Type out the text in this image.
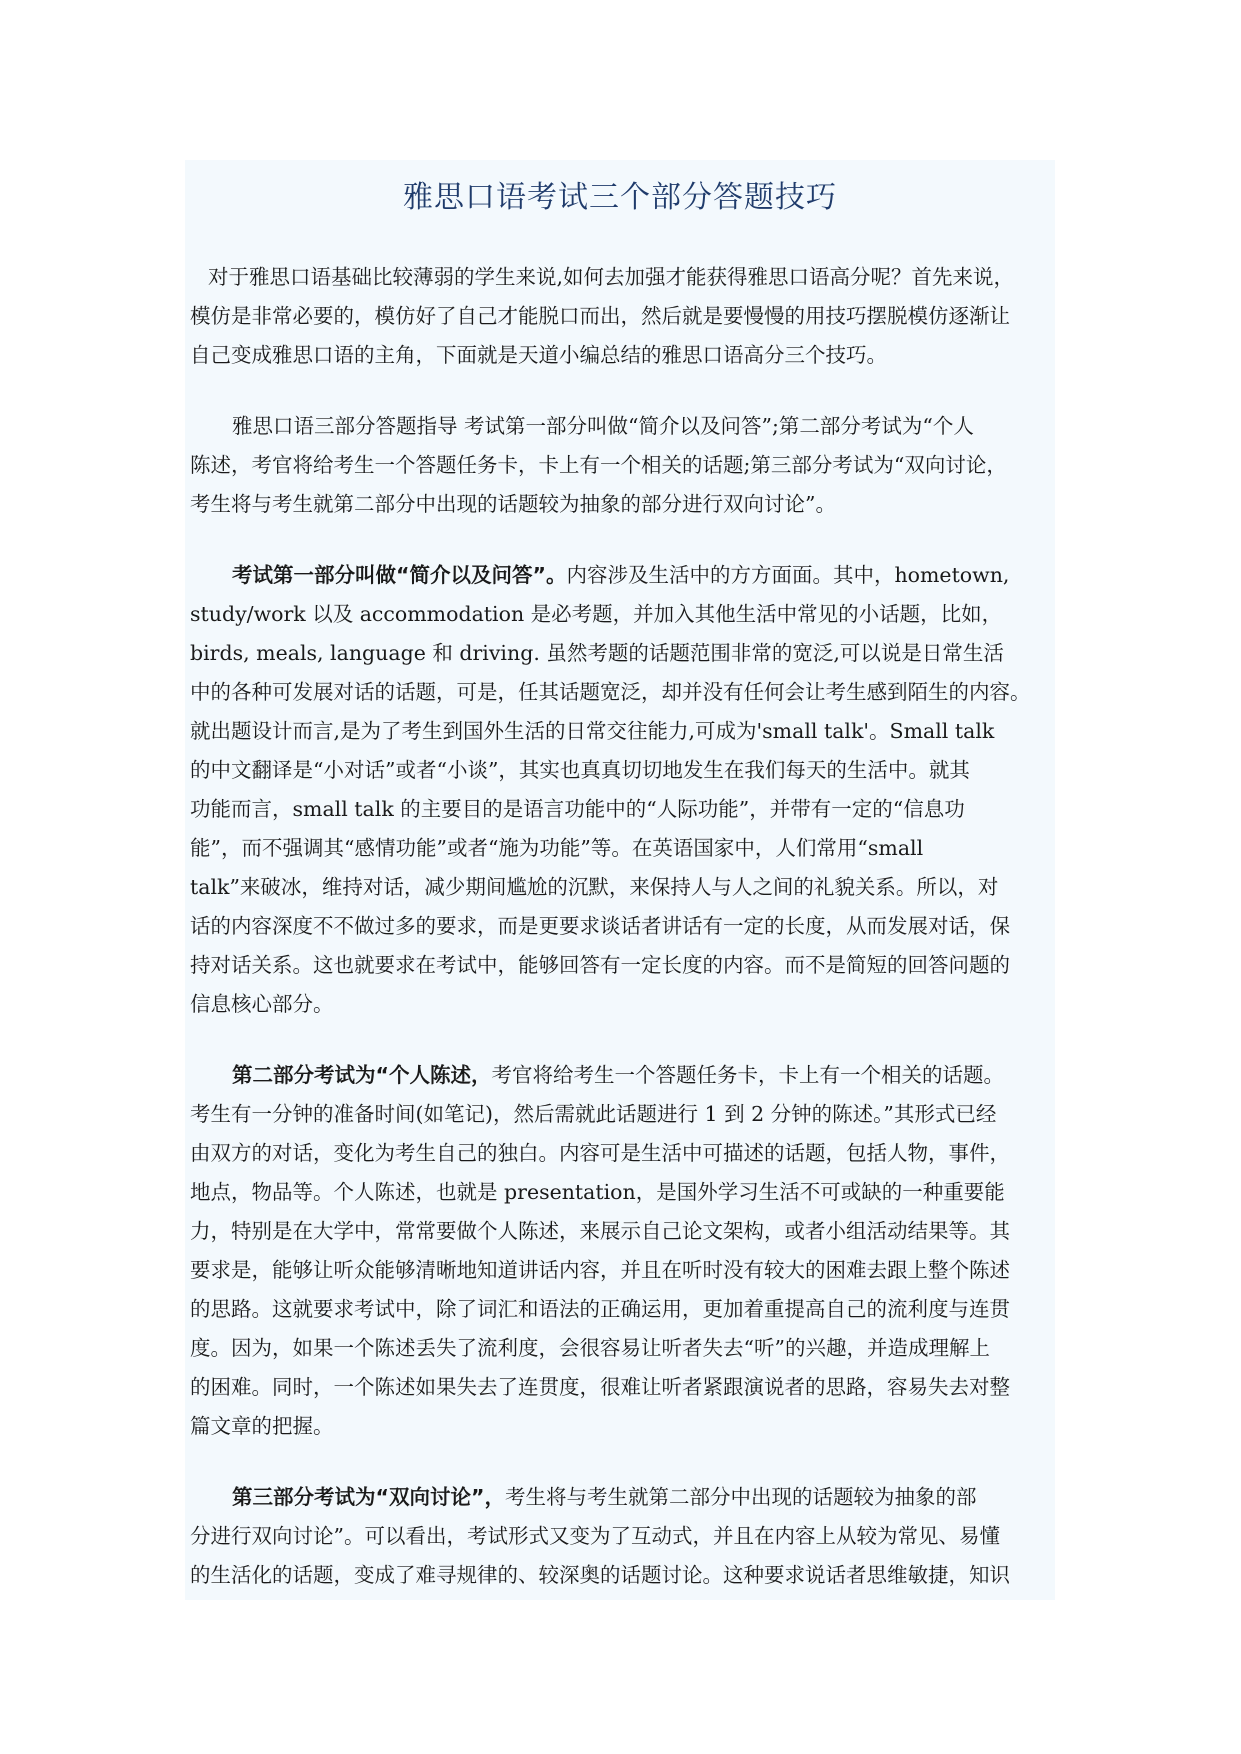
雅思口语考试三个部分答题技巧
对于雅思口语基础比较薄弱的学生来说,如何去加强才能获得雅思口语高分呢？首先来说，
模仿是非常必要的，模仿好了自己才能脱口而出，然后就是要慢慢的用技巧摆脱模仿逐渐让
自己变成雅思口语的主角，下面就是天道小编总结的雅思口语高分三个技巧。
雅思口语三部分答题指导 考试第一部分叫做“简介以及问答”;第二部分考试为“个人
陈述，考官将给考生一个答题任务卡，卡上有一个相关的话题;第三部分考试为“双向讨论，
考生将与考生就第二部分中出现的话题较为抽象的部分进行双向讨论”。
考试第一部分叫做“简介以及问答”。内容涉及生活中的方方面面。其中，hometown,
study/work 以及 accommodation 是必考题，并加入其他生活中常见的小话题，比如，
birds, meals, language 和 driving. 虽然考题的话题范围非常的宽泛,可以说是日常生活
中的各种可发展对话的话题，可是，任其话题宽泛，却并没有任何会让考生感到陌生的内容。
就出题设计而言,是为了考生到国外生活的日常交往能力,可成为'small talk'。Small talk
的中文翻译是“小对话”或者“小谈”，其实也真真切切地发生在我们每天的生活中。就其
功能而言，small talk 的主要目的是语言功能中的“人际功能”，并带有一定的“信息功
能”，而不强调其“感情功能”或者“施为功能”等。在英语国家中，人们常用“small
talk”来破冰，维持对话，减少期间尴尬的沉默，来保持人与人之间的礼貌关系。所以，对
话的内容深度不不做过多的要求，而是更要求谈话者讲话有一定的长度，从而发展对话，保
持对话关系。这也就要求在考试中，能够回答有一定长度的内容。而不是简短的回答问题的
信息核心部分。
第二部分考试为“个人陈述，考官将给考生一个答题任务卡，卡上有一个相关的话题。
考生有一分钟的准备时间(如笔记)，然后需就此话题进行 1 到 2 分钟的陈述。”其形式已经
由双方的对话，变化为考生自己的独白。内容可是生活中可描述的话题，包括人物，事件，
地点，物品等。个人陈述，也就是 presentation，是国外学习生活不可或缺的一种重要能
力，特别是在大学中，常常要做个人陈述，来展示自己论文架构，或者小组活动结果等。其
要求是，能够让听众能够清晰地知道讲话内容，并且在听时没有较大的困难去跟上整个陈述
的思路。这就要求考试中，除了词汇和语法的正确运用，更加着重提高自己的流利度与连贯
度。因为，如果一个陈述丢失了流利度，会很容易让听者失去“听”的兴趣，并造成理解上
的困难。同时，一个陈述如果失去了连贯度，很难让听者紧跟演说者的思路，容易失去对整
篇文章的把握。
第三部分考试为“双向讨论”，考生将与考生就第二部分中出现的话题较为抽象的部
分进行双向讨论”。可以看出，考试形式又变为了互动式，并且在内容上从较为常见、易懂
的生活化的话题，变成了难寻规律的、较深奥的话题讨论。这种要求说话者思维敏捷，知识
